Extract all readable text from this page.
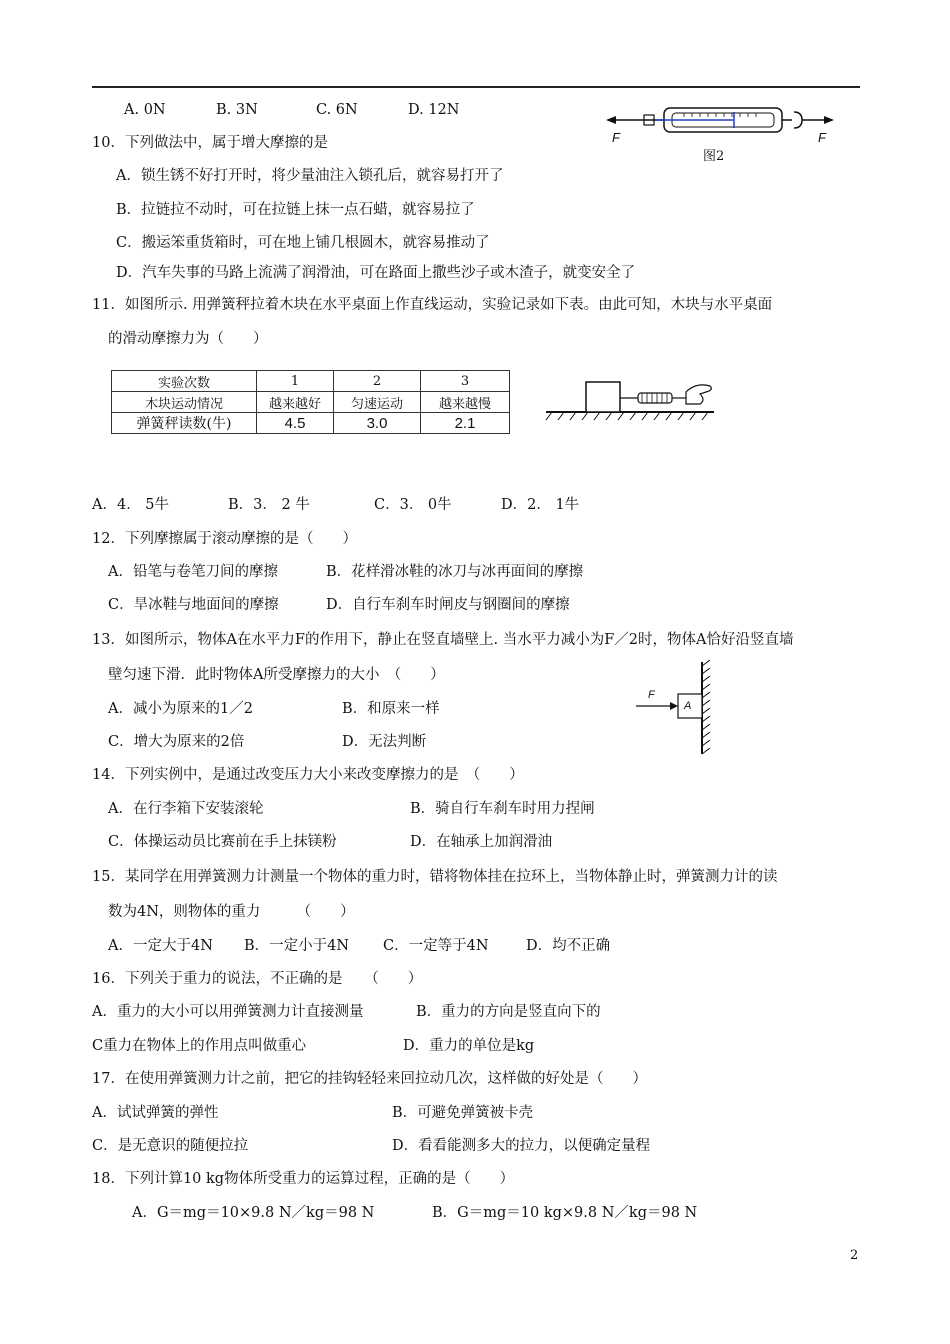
A. 0N	B. 3N	C. 6N	D. 12N
F	F
图2
10．下列做法中，属于增大摩擦的是
A．锁生锈不好打开时，将少量油注入锁孔后，就容易打开了
B．拉链拉不动时，可在拉链上抹一点石蜡，就容易拉了
C．搬运笨重货箱时，可在地上铺几根圆木，就容易推动了
D．汽车失事的马路上流满了润滑油，可在路面上撒些沙子或木渣子，就变安全了
11．如图所示. 用弹簧秤拉着木块在水平桌面上作直线运动，实验记录如下表。由此可知，木块与水平桌面
的滑动摩擦力为（　　）
实验次数	1	2	3
木块运动情况	越来越好	匀速运动	越来越慢
弹簧秤读数(牛)	4.5	3.0	2.1
A．4． 5牛	B．3． 2 牛	C．3． 0牛	D．2． 1牛
12．下列摩擦属于滚动摩擦的是（　　）
A．铅笔与卷笔刀间的摩擦	B．花样滑冰鞋的冰刀与冰再面间的摩擦
C．旱冰鞋与地面间的摩擦	D．自行车刹车时闸皮与钢圈间的摩擦
13．如图所示，物体A在水平力F的作用下，静止在竖直墙壁上. 当水平力减小为F／2时，物体A恰好沿竖直墙
壁匀速下滑．此时物体A所受摩擦力的大小　（　　）
A．减小为原来的1／2	B．和原来一样
C．增大为原来的2倍	D．无法判断
F
A
14．下列实例中，是通过改变压力大小来改变摩擦力的是　（　　）
A．在行李箱下安装滚轮	B．骑自行车刹车时用力捏闸
C．体操运动员比赛前在手上抹镁粉	D．在轴承上加润滑油
15．某同学在用弹簧测力计测量一个物体的重力时，错将物体挂在拉环上，当物体静止时，弹簧测力计的读
数为4N，则物体的重力　　　（　　）
A．一定大于4N B．一定小于4N C．一定等于4N	D．均不正确
16．下列关于重力的说法，不正确的是　　（　　）
A．重力的大小可以用弹簧测力计直接测量	B．重力的方向是竖直向下的
C重力在物体上的作用点叫做重心	D．重力的单位是kg
17．在使用弹簧测力计之前，把它的挂钩轻轻来回拉动几次，这样做的好处是（　　）
A．试试弹簧的弹性	B．可避免弹簧被卡壳
C．是无意识的随便拉拉	D．看看能测多大的拉力，以便确定量程
18．下列计算10 kg物体所受重力的运算过程，正确的是（　　）
A．G＝mg＝10×9.8 N／kg＝98 N	B．G＝mg＝10 kg×9.8 N／kg＝98 N
2
